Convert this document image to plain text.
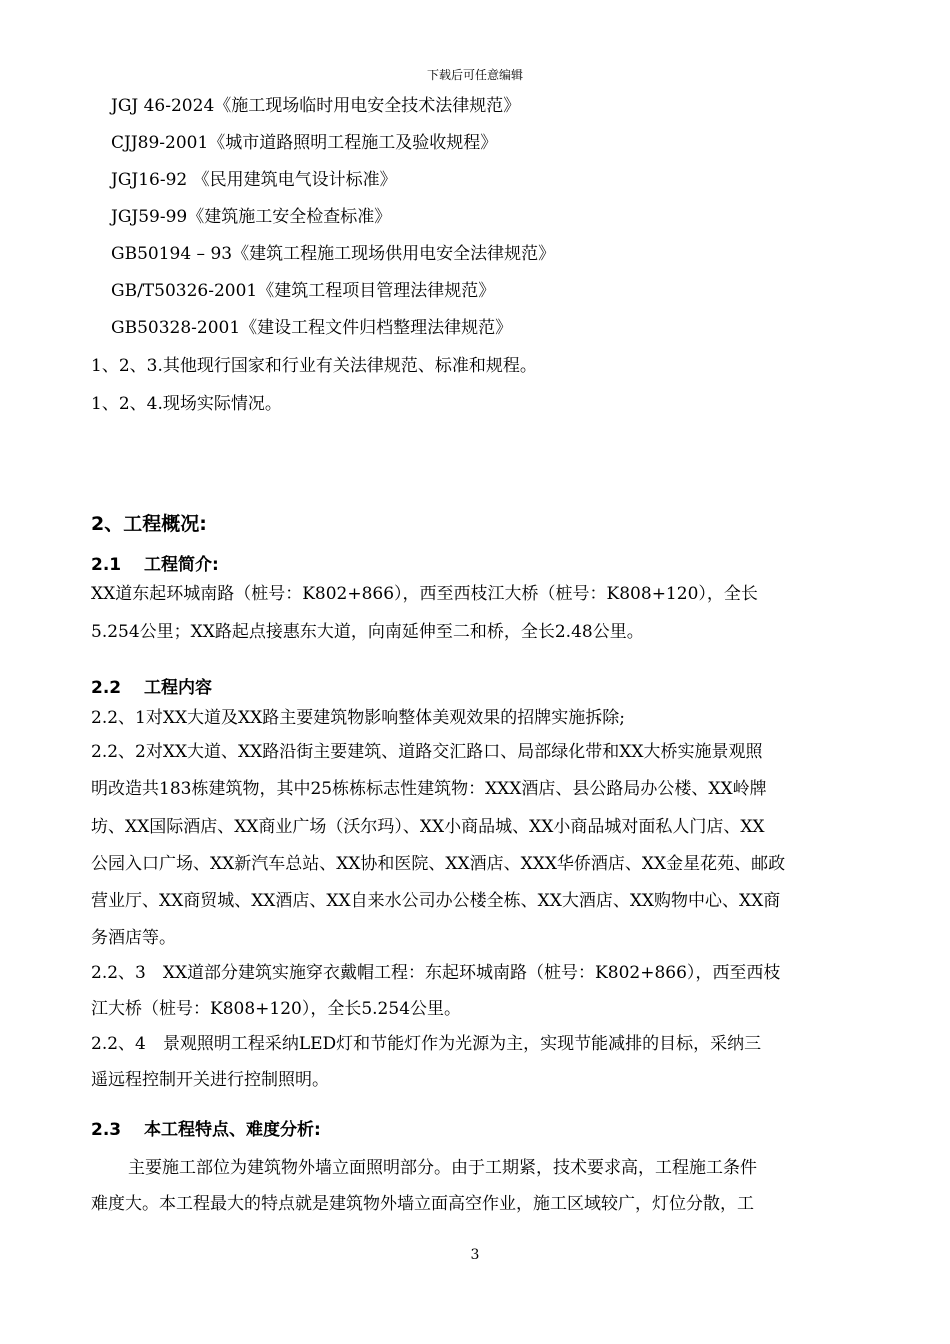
下载后可任意编辑
JGJ 46-2024《施工现场临时用电安全技术法律规范》
CJJ89-2001《城市道路照明工程施工及验收规程》
JGJ16-92 《民用建筑电气设计标准》
JGJ59-99《建筑施工安全检查标准》
GB50194 – 93《建筑工程施工现场供用电安全法律规范》
GB/T50326-2001《建筑工程项目管理法律规范》
GB50328-2001《建设工程文件归档整理法律规范》
1、2、3.其他现行国家和行业有关法律规范、标准和规程。
1、2、4.现场实际情况。
2、工程概况:
2.1　 工程简介:
XX道东起环城南路（桩号：K802+866），西至西枝江大桥（桩号：K808+120），全长
5.254公里；XX路起点接惠东大道，向南延伸至二和桥，全长2.48公里。
2.2　 工程内容
2.2、1对XX大道及XX路主要建筑物影响整体美观效果的招牌实施拆除;
2.2、2对XX大道、XX路沿街主要建筑、道路交汇路口、局部绿化带和XX大桥实施景观照
明改造共183栋建筑物，其中25栋栋标志性建筑物：XXX酒店、县公路局办公楼、XX岭牌
坊、XX国际酒店、XX商业广场（沃尔玛）、XX小商品城、XX小商品城对面私人门店、XX
公园入口广场、XX新汽车总站、XX协和医院、XX酒店、XXX华侨酒店、XX金星花苑、邮政
营业厅、XX商贸城、XX酒店、XX自来水公司办公楼全栋、XX大酒店、XX购物中心、XX商
务酒店等。
2.2、3　XX道部分建筑实施穿衣戴帽工程：东起环城南路（桩号：K802+866），西至西枝
江大桥（桩号：K808+120），全长5.254公里。
2.2、4　景观照明工程采纳LED灯和节能灯作为光源为主，实现节能减排的目标，采纳三
遥远程控制开关进行控制照明。
2.3　 本工程特点、难度分析:
主要施工部位为建筑物外墙立面照明部分。由于工期紧，技术要求高，工程施工条件
难度大。本工程最大的特点就是建筑物外墙立面高空作业，施工区域较广，灯位分散，工
3
